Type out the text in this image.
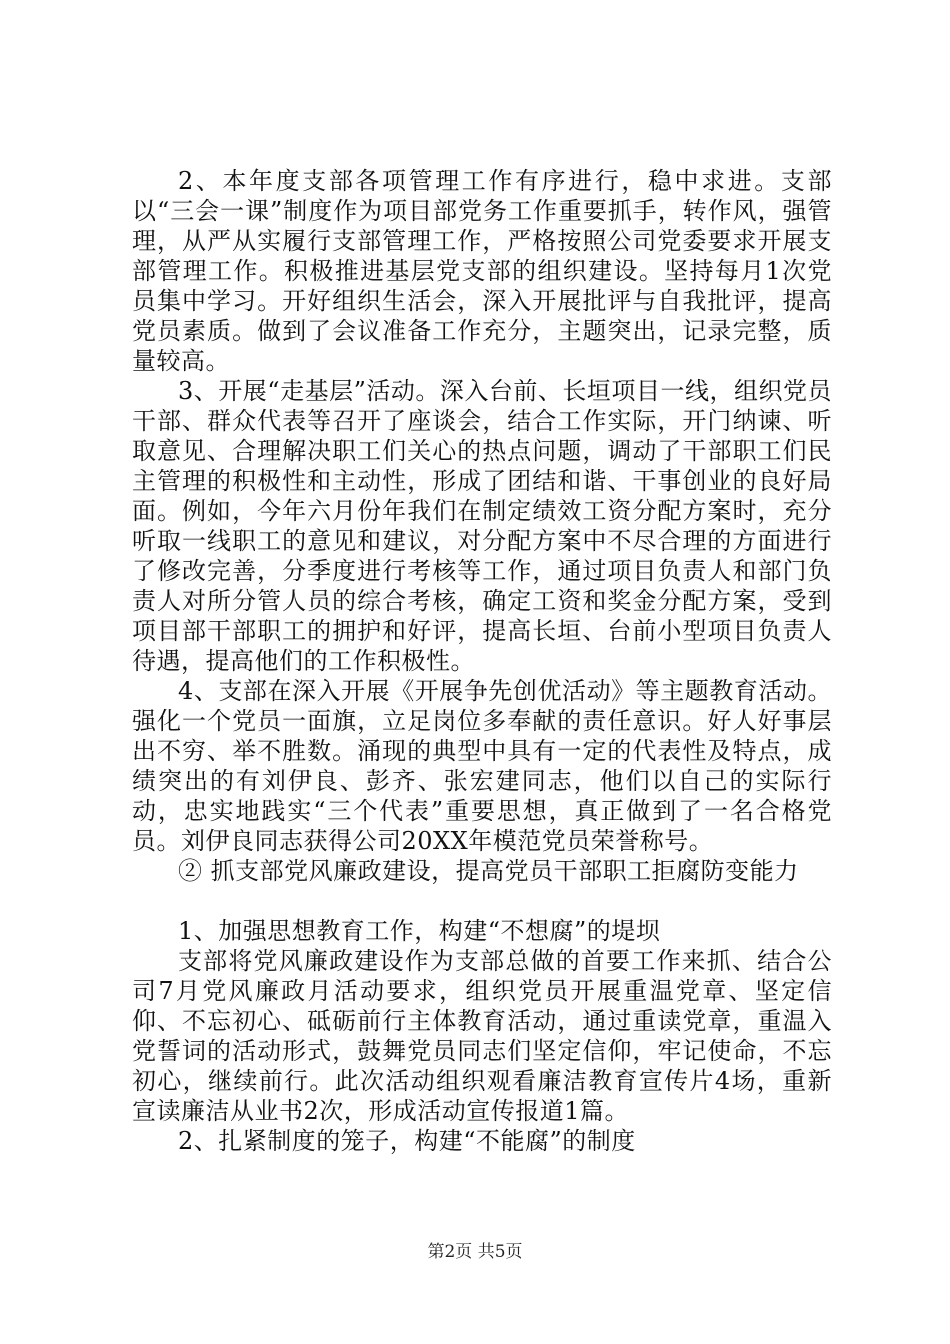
2、本年度支部各项管理工作有序进行，稳中求进。支部以“三会一课”制度作为项目部党务工作重要抓手，转作风，强管理，从严从实履行支部管理工作，严格按照公司党委要求开展支部管理工作。积极推进基层党支部的组织建设。坚持每月1次党员集中学习。开好组织生活会，深入开展批评与自我批评，提高党员素质。做到了会议准备工作充分，主题突出，记录完整，质量较高。

3、开展“走基层”活动。深入台前、长垣项目一线，组织党员干部、群众代表等召开了座谈会，结合工作实际，开门纳谏、听取意见、合理解决职工们关心的热点问题，调动了干部职工们民主管理的积极性和主动性，形成了团结和谐、干事创业的良好局面。例如，今年六月份年我们在制定绩效工资分配方案时，充分听取一线职工的意见和建议，对分配方案中不尽合理的方面进行了修改完善，分季度进行考核等工作，通过项目负责人和部门负责人对所分管人员的综合考核，确定工资和奖金分配方案，受到项目部干部职工的拥护和好评，提高长垣、台前小型项目负责人待遇，提高他们的工作积极性。

4、支部在深入开展《开展争先创优活动》等主题教育活动。强化一个党员一面旗，立足岗位多奉献的责任意识。好人好事层出不穷、举不胜数。涌现的典型中具有一定的代表性及特点，成绩突出的有刘伊良、彭齐、张宏建同志，他们以自己的实际行动，忠实地践实“三个代表”重要思想，真正做到了一名合格党员。刘伊良同志获得公司20XX年模范党员荣誉称号。

② 抓支部党风廉政建设，提高党员干部职工拒腐防变能力

1、加强思想教育工作，构建“不想腐”的堤坝

支部将党风廉政建设作为支部总做的首要工作来抓、结合公司7月党风廉政月活动要求，组织党员开展重温党章、坚定信仰、不忘初心、砥砺前行主体教育活动，通过重读党章，重温入党誓词的活动形式，鼓舞党员同志们坚定信仰，牢记使命，不忘初心，继续前行。此次活动组织观看廉洁教育宣传片4场，重新宣读廉洁从业书2次，形成活动宣传报道1篇。

2、扎紧制度的笼子，构建“不能腐”的制度

第2页 共5页
